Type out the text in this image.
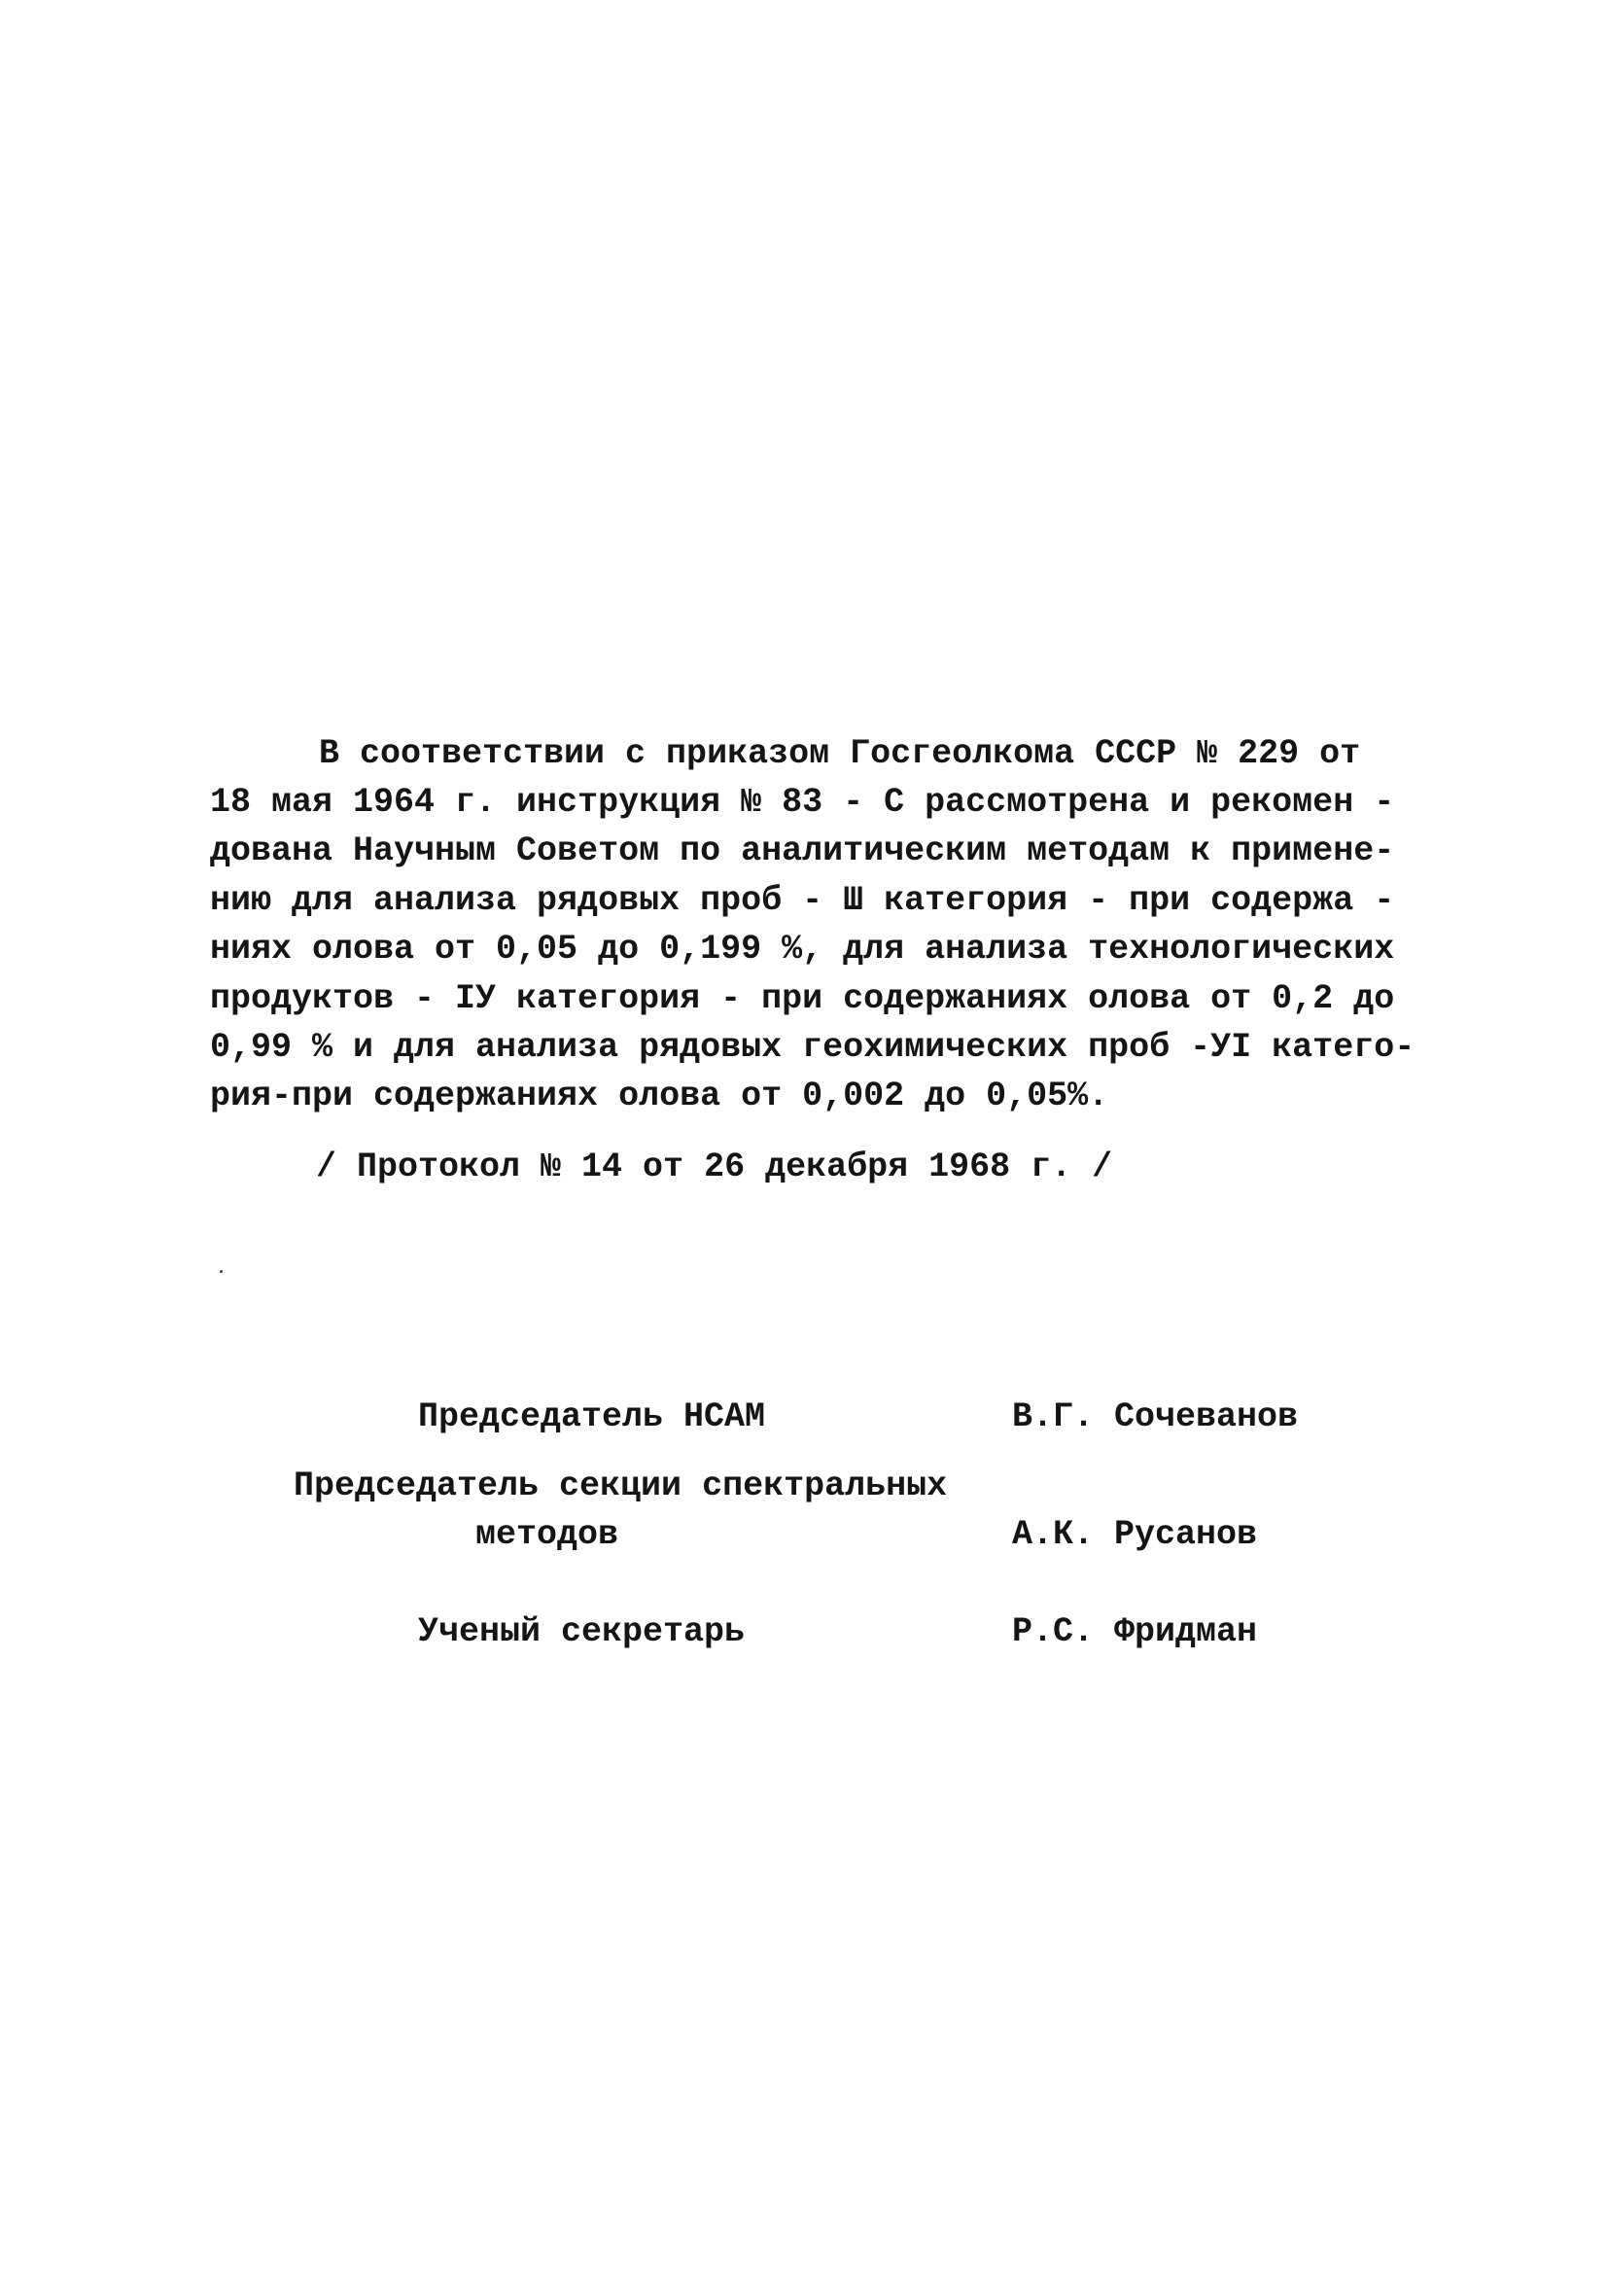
В соответствии с приказом Госгеолкома СССР № 229 от
18 мая 1964 г. инструкция № 83 - С рассмотрена и рекомен -
дована Научным Советом по аналитическим методам к примене-
нию для анализа рядовых проб - Ш категория - при содержа -
ниях олова от 0,05 до 0,199 %, для анализа технологических
продуктов - IУ категория - при содержаниях олова от 0,2 до
0,99 % и для анализа рядовых геохимических проб -УI катего-
рия-при содержаниях олова от 0,002 до 0,05%.
/ Протокол № 14 от 26 декабря 1968 г. /
Председатель НСАМ	В.Г. Сочеванов
Председатель секции спектральных
методов	А.К. Русанов
Ученый секретарь	Р.С. Фридман
